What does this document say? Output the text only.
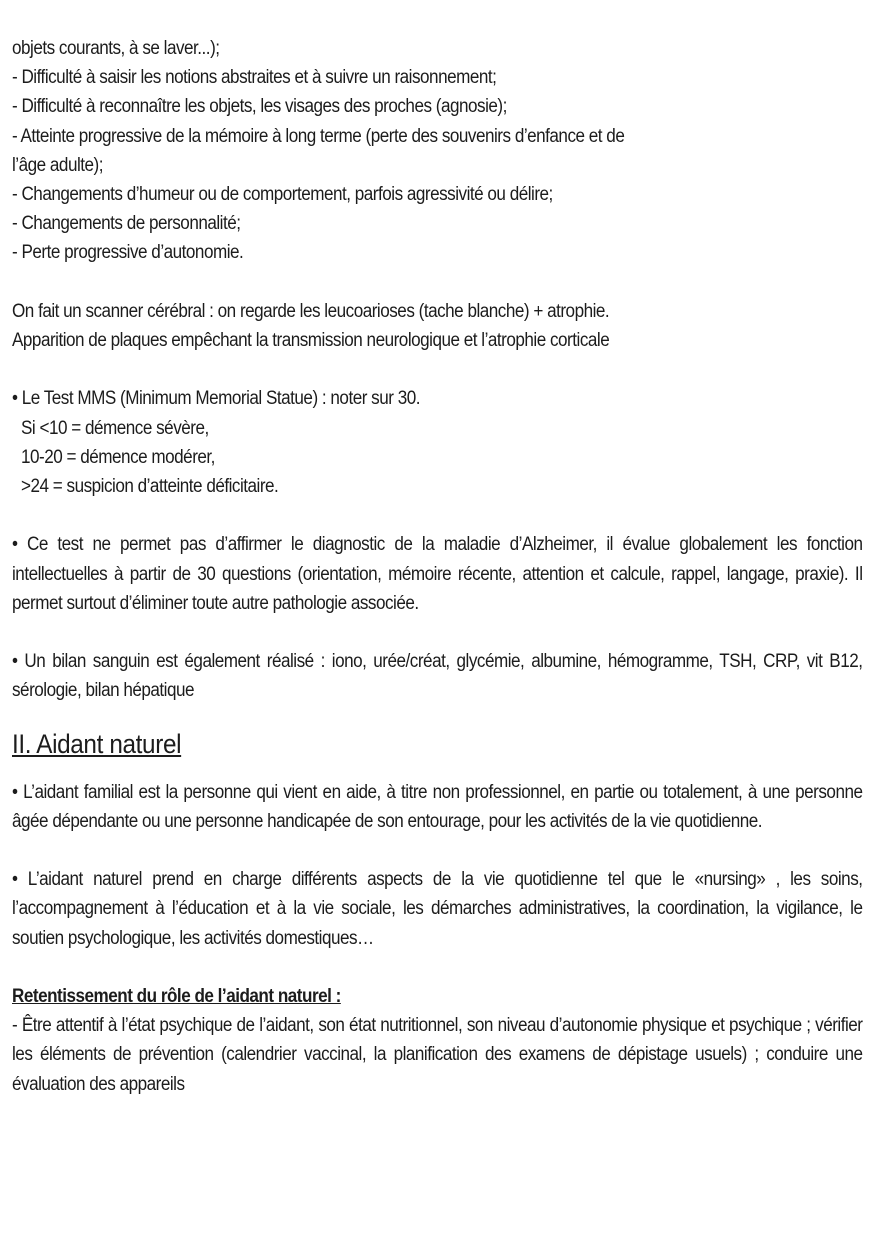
objets courants, à se laver...);
- Difficulté à saisir les notions abstraites et à suivre un raisonnement;
- Difficulté à reconnaître les objets, les visages des proches (agnosie);
- Atteinte progressive de la mémoire à long terme (perte des souvenirs d’enfance et de
l’âge adulte);
- Changements d’humeur ou de comportement, parfois agressivité ou délire;
- Changements de personnalité;
- Perte progressive d’autonomie.
On fait un scanner cérébral : on regarde les leucoarioses (tache blanche) + atrophie.
Apparition de plaques empêchant la transmission neurologique et l’atrophie corticale
• Le Test MMS (Minimum Memorial Statue) : noter sur 30.
Si <10 = démence sévère,
10-20 = démence modérer,
>24 = suspicion d’atteinte déficitaire.

• Ce test ne permet pas d’affirmer le diagnostic de la maladie d’Alzheimer, il évalue globalement les fonction intellectuelles à partir de 30 questions (orientation, mémoire récente, attention et calcule, rappel, langage, praxie). Il permet surtout d’éliminer toute autre pathologie associée.

• Un bilan sanguin est également réalisé : iono, urée/créat, glycémie, albumine, hémogramme, TSH, CRP, vit B12, sérologie, bilan hépatique

II. Aidant naturel

• L’aidant familial est la personne qui vient en aide, à titre non professionnel, en partie ou totalement, à une personne âgée dépendante ou une personne handicapée de son entourage, pour les activités de la vie quotidienne.

• L’aidant naturel prend en charge différents aspects de la vie quotidienne tel que le «nursing» , les soins, l’accompagnement à l’éducation et à la vie sociale, les démarches administratives, la coordination, la vigilance, le soutien psychologique, les activités domestiques…

Retentissement du rôle de l’aidant naturel :

- Être attentif à l’état psychique de l’aidant, son état nutritionnel, son niveau d’autonomie physique et psychique ; vérifier les éléments de prévention (calendrier vaccinal, la planification des examens de dépistage usuels) ; conduire une évaluation des appareils
